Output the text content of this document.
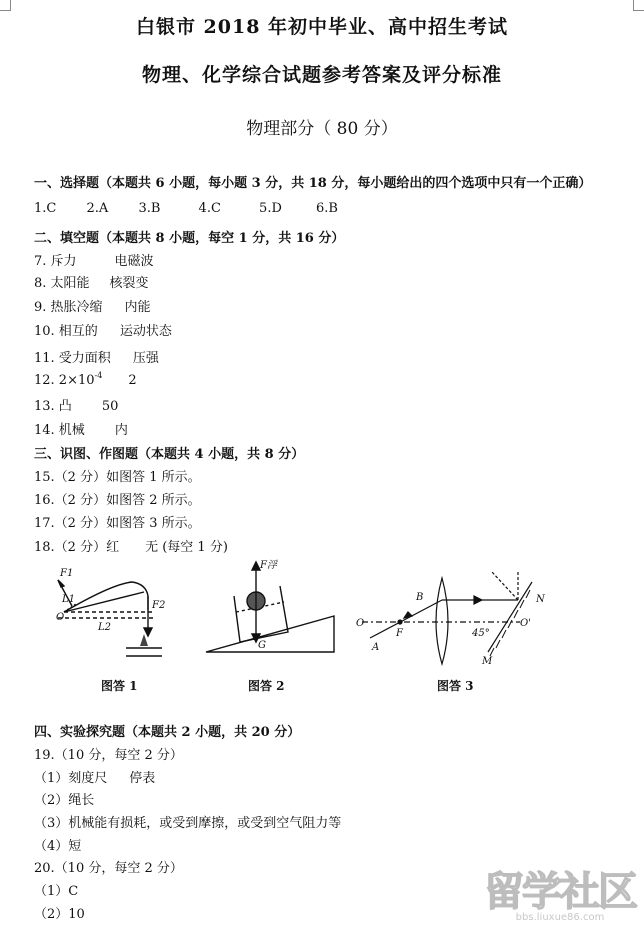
白银市 2018 年初中毕业、高中招生考试
物理、化学综合试题参考答案及评分标准
物理部分（ 80 分）
一、选择题（本题共 6 小题，每小题 3 分，共 18 分，每小题给出的四个选项中只有一个正确）
1.C 2.A 3.B	4.C	5.D	6.B
二、填空题（本题共 8 小题，每空 1 分，共 16 分）
7. 斥力	电磁波
8. 太阳能 核裂变
9. 热胀冷缩 内能
10. 相互的 运动状态
11. 受力面积 压强
12. $2\times 10^{-4}$ 2
13. 凸 50
14. 机械 内
三、识图、作图题（本题共 4 小题，共 8 分）
15.（2 分）如图答 1 所示。
16.（2 分）如图答 2 所示。
17.（2 分）如图答 3 所示。
18.（2 分）红 无 (每空 1 分)
F1
L1
O
L2
F2
图答 1
F浮
G
图答 2
O
F
A
B	N
O'
45°
M
图答 3
四、实验探究题（本题共 2 小题，共 20 分）
19.（10 分，每空 2 分）
（1）刻度尺 停表
（2）绳长
（3）机械能有损耗，或受到摩擦，或受到空气阻力等
（4）短
20.（10 分，每空 2 分）
（1）C
（2）10	留学社区
bbs.liuxue86.com
